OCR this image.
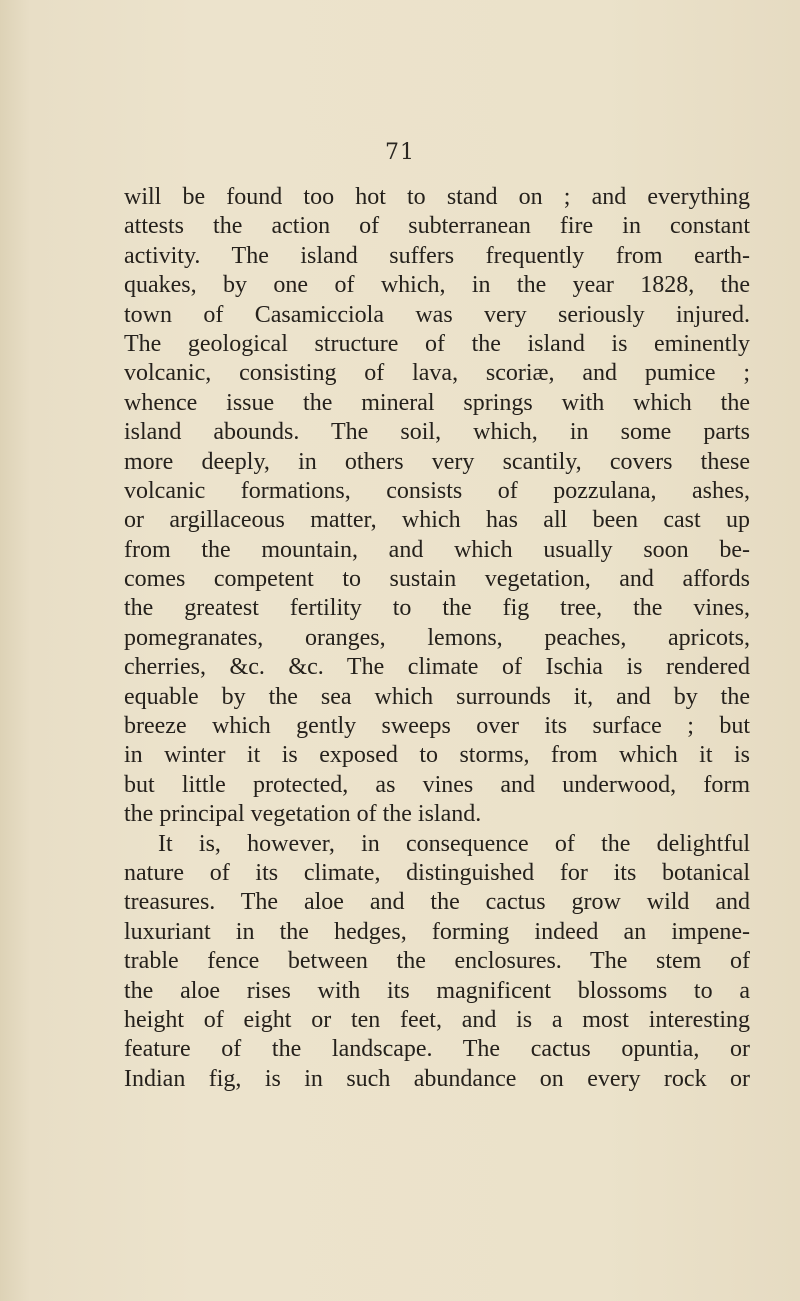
71
will be found too hot to stand on ; and everything
attests the action of subterranean fire in constant
activity. The island suffers frequently from earth-
quakes, by one of which, in the year 1828, the
town of Casamicciola was very seriously injured.
The geological structure of the island is eminently
volcanic, consisting of lava, scoriæ, and pumice ;
whence issue the mineral springs with which the
island abounds. The soil, which, in some parts
more deeply, in others very scantily, covers these
volcanic formations, consists of pozzulana, ashes,
or argillaceous matter, which has all been cast up
from the mountain, and which usually soon be-
comes competent to sustain vegetation, and affords
the greatest fertility to the fig tree, the vines,
pomegranates, oranges, lemons, peaches, apricots,
cherries, &c. &c. The climate of Ischia is rendered
equable by the sea which surrounds it, and by the
breeze which gently sweeps over its surface ; but
in winter it is exposed to storms, from which it is
but little protected, as vines and underwood, form
the principal vegetation of the island.
It is, however, in consequence of the delightful
nature of its climate, distinguished for its botanical
treasures. The aloe and the cactus grow wild and
luxuriant in the hedges, forming indeed an impene-
trable fence between the enclosures. The stem of
the aloe rises with its magnificent blossoms to a
height of eight or ten feet, and is a most interesting
feature of the landscape. The cactus opuntia, or
Indian fig, is in such abundance on every rock or
